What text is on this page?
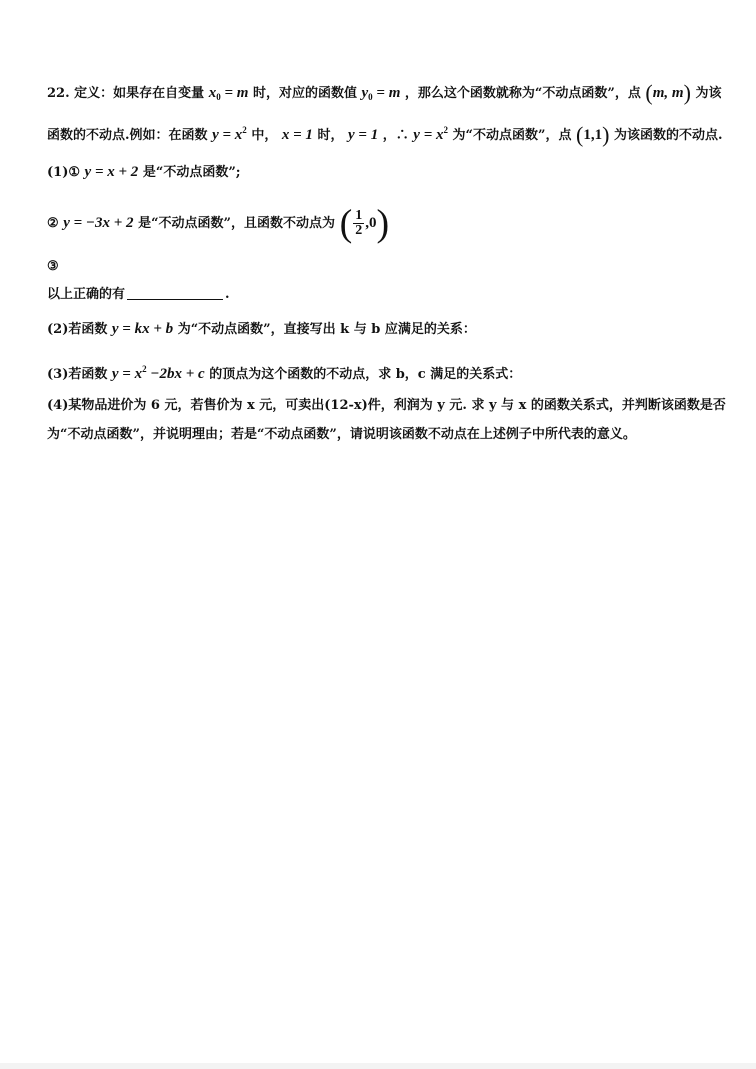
22. 定义：如果存在自变量 $x_0 = m$ 时，对应的函数值 $y_0 = m$ ，那么这个函数就称为“不动点函数”，点 (m, m) 为该
函数的不动点.例如：在函数 $y = x^2$ 中， x = 1 时， y = 1 ，∴ $y = x^2$ 为“不动点函数”，点 (1,1) 为该函数的不动点.
(1)① y = x + 2 是“不动点函数”;
② y = −3x + 2 是“不动点函数”，且函数不动点为 ( $\frac{1}{2} ,0$)
③
以上正确的有	.
(2)若函数 y = kx + b 为“不动点函数”，直接写出 k 与 b 应满足的关系：
(3)若函数 $y = x^2 -2bx + c$ 的顶点为这个函数的不动点，求 b，c 满足的关系式：
(4)某物品进价为 6 元，若售价为 x 元，可卖出(12-x)件，利润为 y 元. 求 y 与 x 的函数关系式，并判断该函数是否
为“不动点函数”，并说明理由；若是“不动点函数”，请说明该函数不动点在上述例子中所代表的意义。
